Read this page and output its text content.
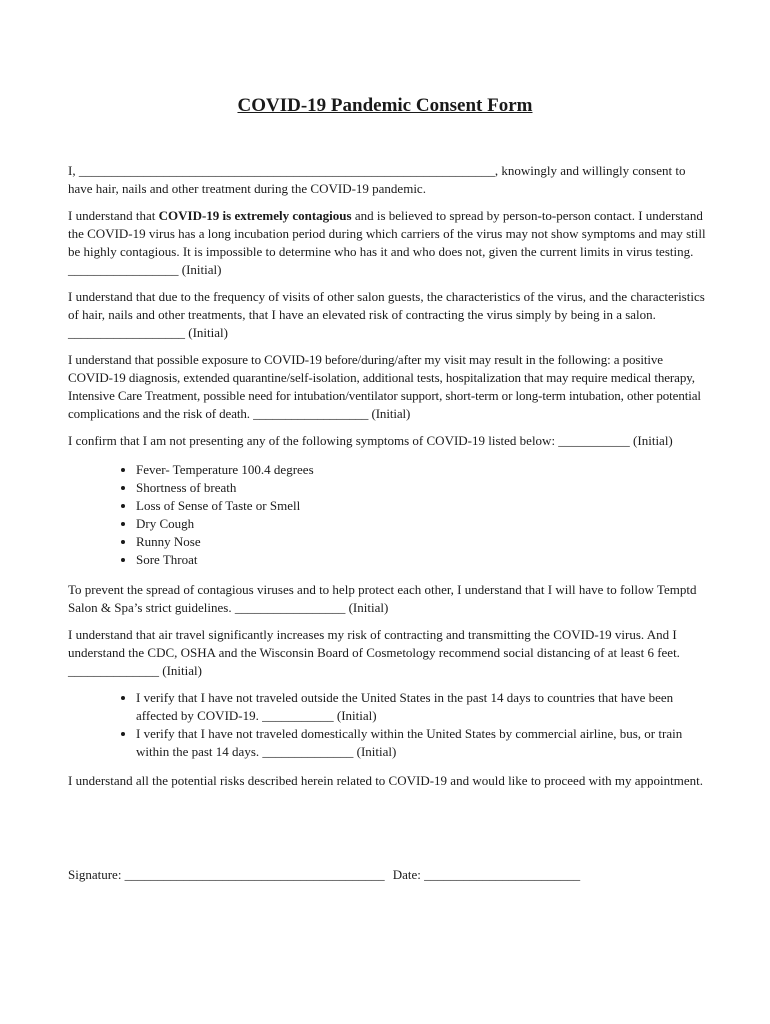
COVID-19 Pandemic Consent Form

I, ________________________________________________________________, knowingly and willingly consent to have hair, nails and other treatment during the COVID-19 pandemic.

I understand that COVID-19 is extremely contagious and is believed to spread by person-to-person contact. I understand the COVID-19 virus has a long incubation period during which carriers of the virus may not show symptoms and may still be highly contagious. It is impossible to determine who has it and who does not, given the current limits in virus testing. _________________ (Initial)

I understand that due to the frequency of visits of other salon guests, the characteristics of the virus, and the characteristics of hair, nails and other treatments, that I have an elevated risk of contracting the virus simply by being in a salon. __________________ (Initial)

I understand that possible exposure to COVID-19 before/during/after my visit may result in the following: a positive COVID-19 diagnosis, extended quarantine/self-isolation, additional tests, hospitalization that may require medical therapy, Intensive Care Treatment, possible need for intubation/ventilator support, short-term or long-term intubation, other potential complications and the risk of death. __________________ (Initial)

I confirm that I am not presenting any of the following symptoms of COVID-19 listed below: ___________ (Initial)

• Fever- Temperature 100.4 degrees
• Shortness of breath
• Loss of Sense of Taste or Smell
• Dry Cough
• Runny Nose
• Sore Throat

To prevent the spread of contagious viruses and to help protect each other, I understand that I will have to follow Temptd Salon & Spa’s strict guidelines. _________________ (Initial)

I understand that air travel significantly increases my risk of contracting and transmitting the COVID-19 virus. And I understand the CDC, OSHA and the Wisconsin Board of Cosmetology recommend social distancing of at least 6 feet. ______________ (Initial)

• I verify that I have not traveled outside the United States in the past 14 days to countries that have been affected by COVID-19. ___________ (Initial)
• I verify that I have not traveled domestically within the United States by commercial airline, bus, or train within the past 14 days. ______________ (Initial)

I understand all the potential risks described herein related to COVID-19 and would like to proceed with my appointment.

Signature: ________________________________________ Date: ________________________
